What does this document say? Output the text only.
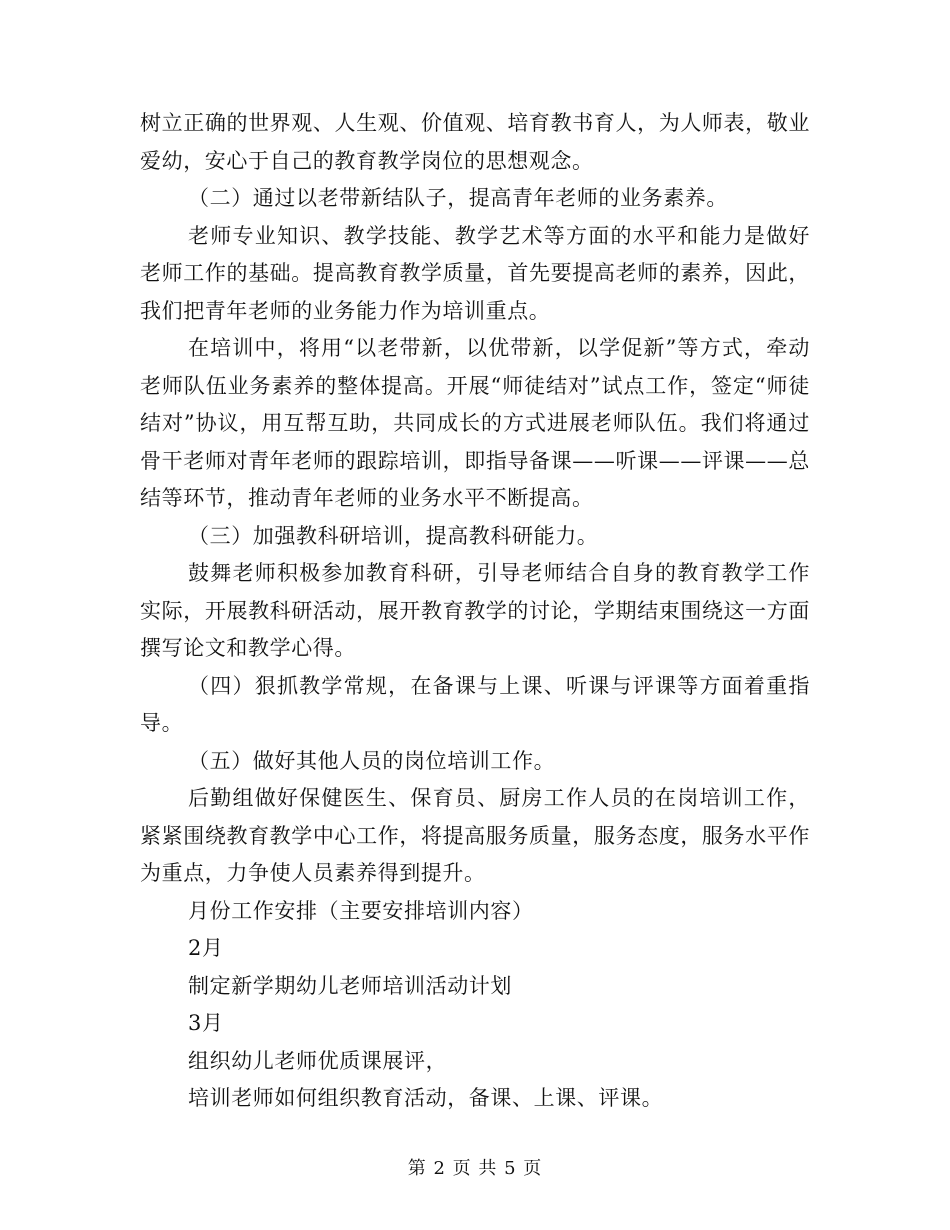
树立正确的世界观、人生观、价值观、培育教书育人，为人师表，敬业爱幼，安心于自己的教育教学岗位的思想观念。

（二）通过以老带新结队子，提高青年老师的业务素养。

老师专业知识、教学技能、教学艺术等方面的水平和能力是做好老师工作的基础。提高教育教学质量，首先要提高老师的素养，因此，我们把青年老师的业务能力作为培训重点。

在培训中，将用“以老带新，以优带新，以学促新”等方式，牵动老师队伍业务素养的整体提高。开展“师徒结对”试点工作，签定“师徒结对”协议，用互帮互助，共同成长的方式进展老师队伍。我们将通过骨干老师对青年老师的跟踪培训，即指导备课——听课——评课——总结等环节，推动青年老师的业务水平不断提高。

（三）加强教科研培训，提高教科研能力。

鼓舞老师积极参加教育科研，引导老师结合自身的教育教学工作实际，开展教科研活动，展开教育教学的讨论，学期结束围绕这一方面撰写论文和教学心得。

（四）狠抓教学常规，在备课与上课、听课与评课等方面着重指导。

（五）做好其他人员的岗位培训工作。

后勤组做好保健医生、保育员、厨房工作人员的在岗培训工作，紧紧围绕教育教学中心工作，将提高服务质量，服务态度，服务水平作为重点，力争使人员素养得到提升。

月份工作安排（主要安排培训内容）

2月

制定新学期幼儿老师培训活动计划

3月

组织幼儿老师优质课展评，

培训老师如何组织教育活动，备课、上课、评课。

第 2 页 共 5 页
